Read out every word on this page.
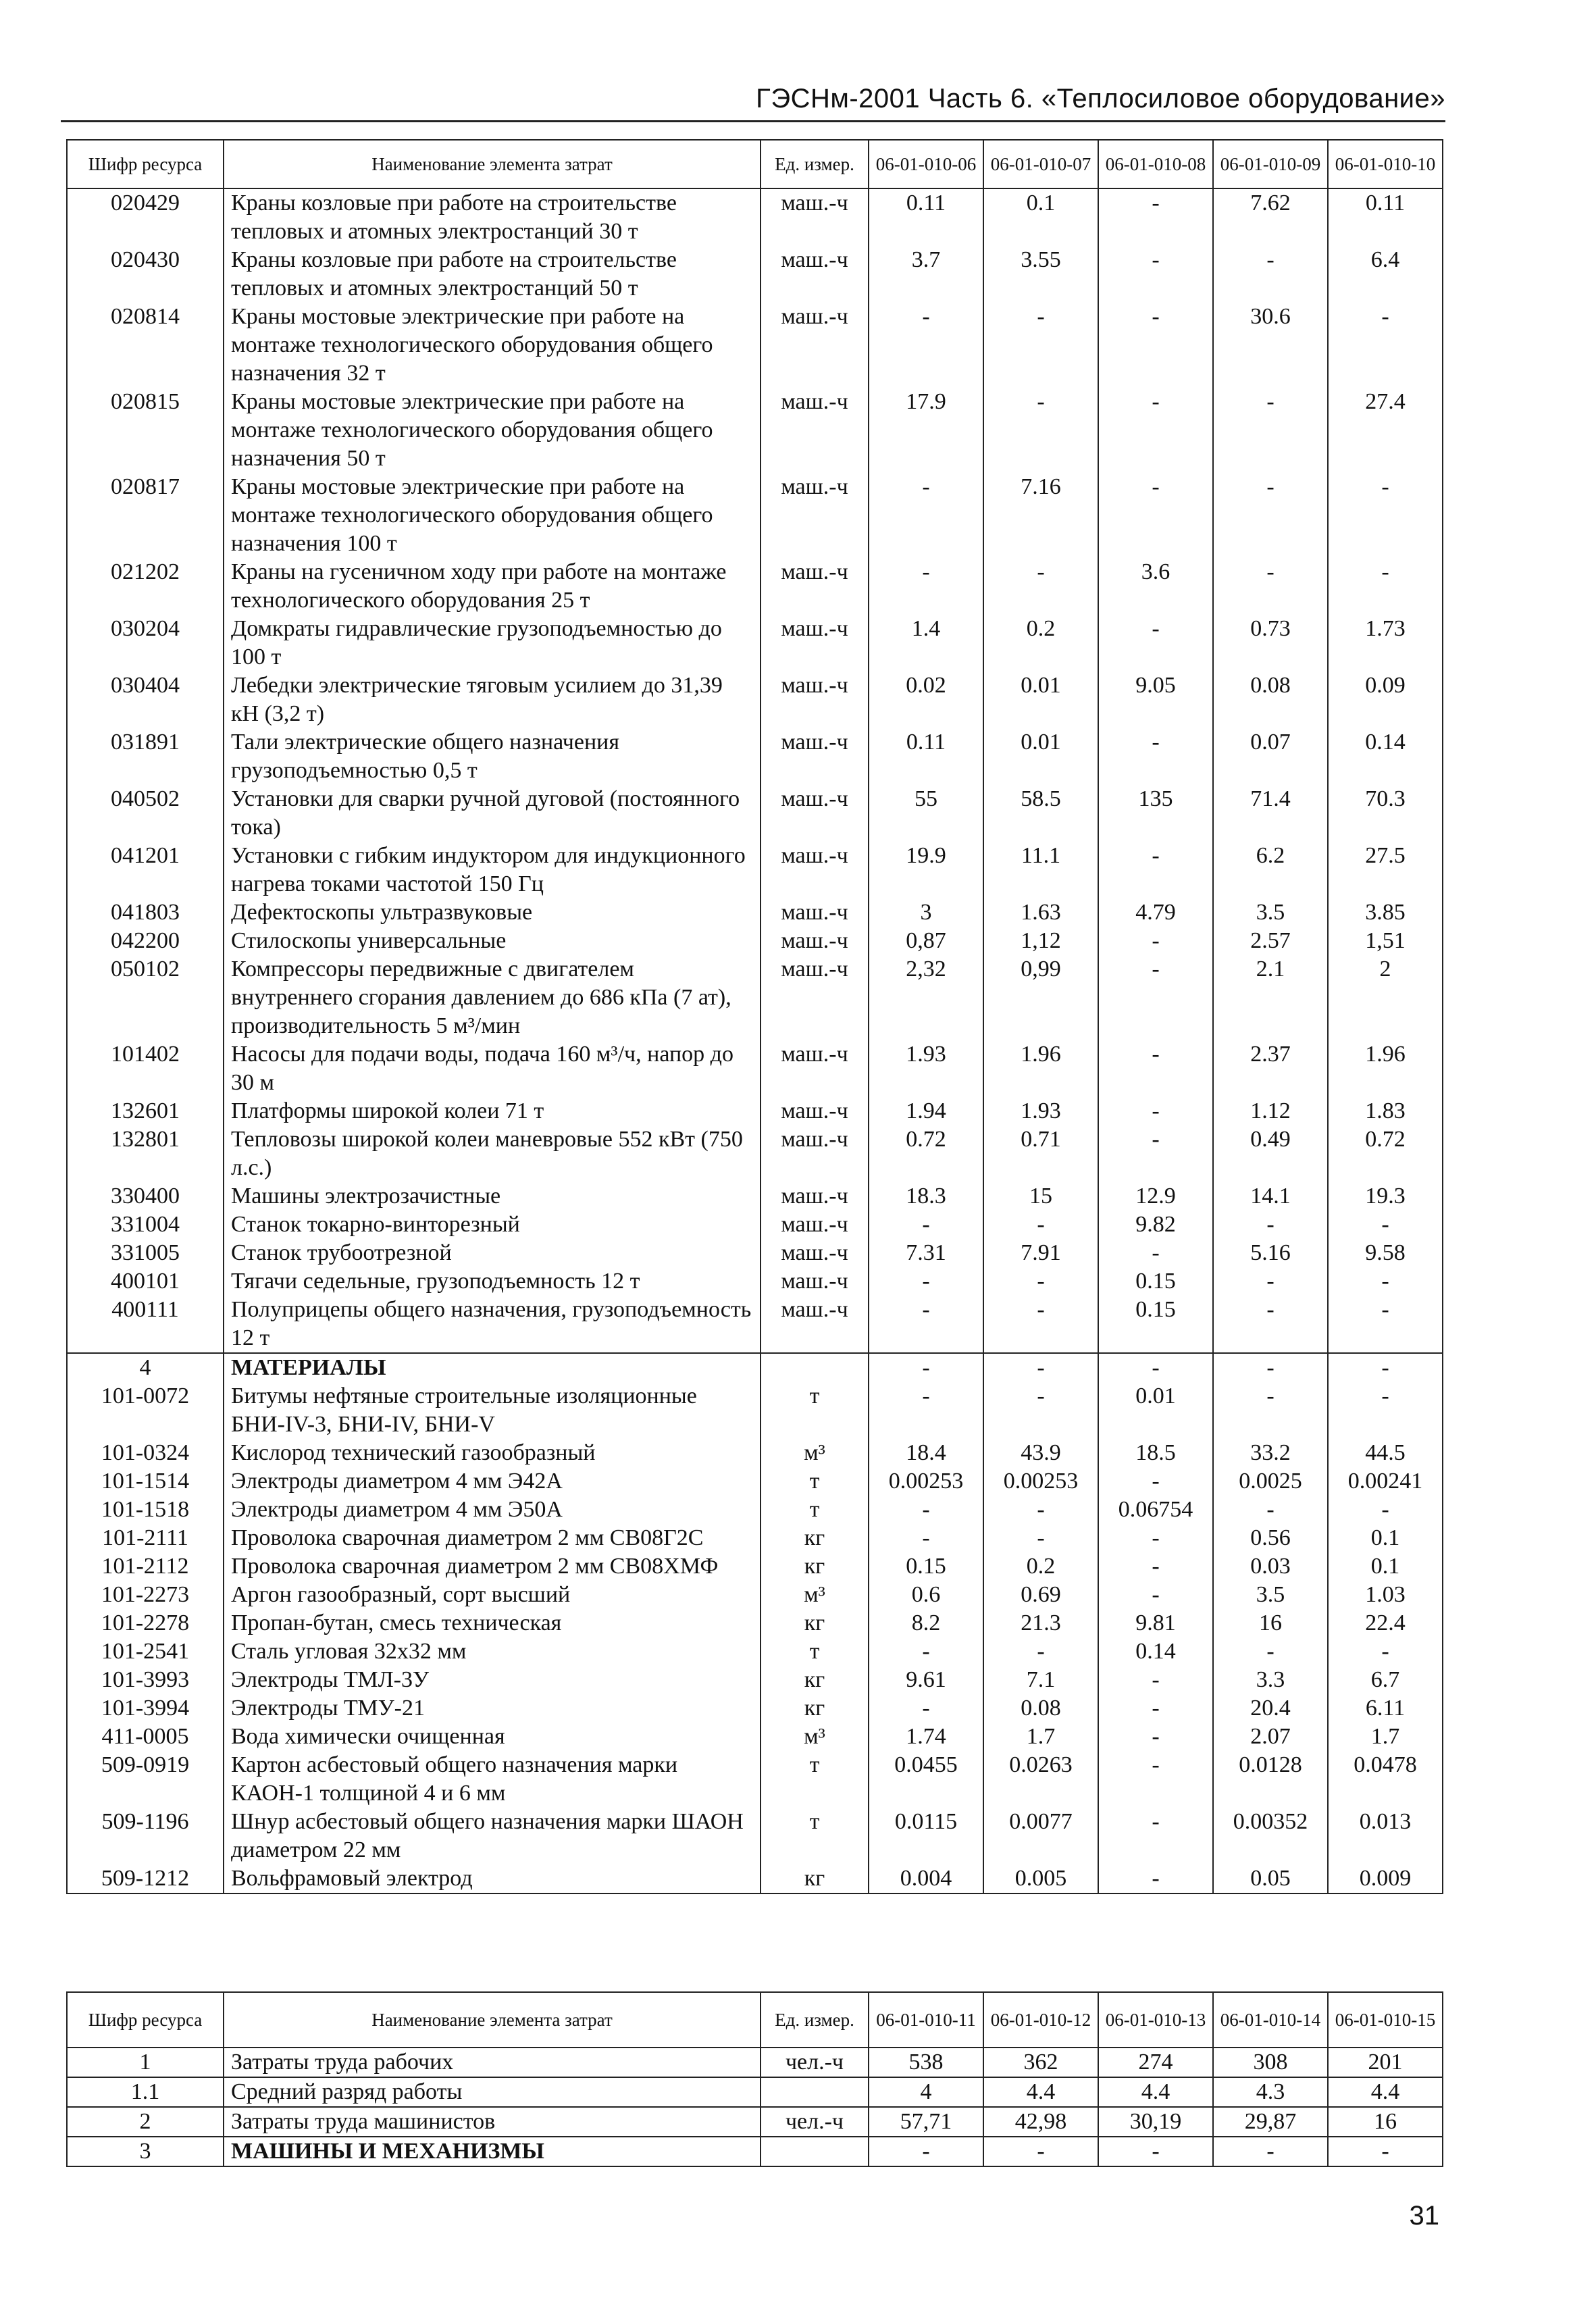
ГЭСНм-2001 Часть 6. «Теплосиловое оборудование»
Шифр ресурса	Наименование элемента затрат	Ед. измер.	06-01-010-06	06-01-010-07	06-01-010-08	06-01-010-09	06-01-010-10
020429	Краны козловые при работе на строительстве тепловых и атомных электростанций 30 т	маш.-ч	0.11	0.1	-	7.62	0.11
020430	Краны козловые при работе на строительстве тепловых и атомных электростанций 50 т	маш.-ч	3.7	3.55	-	-	6.4
020814	Краны мостовые электрические при работе на монтаже технологического оборудования общего назначения 32 т	маш.-ч	-	-	-	30.6	-
020815	Краны мостовые электрические при работе на монтаже технологического оборудования общего назначения 50 т	маш.-ч	17.9	-	-	-	27.4
020817	Краны мостовые электрические при работе на монтаже технологического оборудования общего назначения 100 т	маш.-ч	-	7.16	-	-	-
021202	Краны на гусеничном ходу при работе на монтаже технологического оборудования 25 т	маш.-ч	-	-	3.6	-	-
030204	Домкраты гидравлические грузоподъемностью до 100 т	маш.-ч	1.4	0.2	-	0.73	1.73
030404	Лебедки электрические тяговым усилием до 31,39 кН (3,2 т)	маш.-ч	0.02	0.01	9.05	0.08	0.09
031891	Тали электрические общего назначения грузоподъемностью 0,5 т	маш.-ч	0.11	0.01	-	0.07	0.14
040502	Установки для сварки ручной дуговой (постоянного тока)	маш.-ч	55	58.5	135	71.4	70.3
041201	Установки с гибким индуктором для индукционного нагрева токами частотой 150 Гц	маш.-ч	19.9	11.1	-	6.2	27.5
041803	Дефектоскопы ультразвуковые	маш.-ч	3	1.63	4.79	3.5	3.85
042200	Стилоскопы универсальные	маш.-ч	0,87	1,12	-	2.57	1,51
050102	Компрессоры передвижные с двигателем внутреннего сгорания давлением до 686 кПа (7 ат), производительность 5 м³/мин	маш.-ч	2,32	0,99	-	2.1	2
101402	Насосы для подачи воды, подача 160 м³/ч, напор до 30 м	маш.-ч	1.93	1.96	-	2.37	1.96
132601	Платформы широкой колеи 71 т	маш.-ч	1.94	1.93	-	1.12	1.83
132801	Тепловозы широкой колеи маневровые 552 кВт (750 л.с.)	маш.-ч	0.72	0.71	-	0.49	0.72
330400	Машины электрозачистные	маш.-ч	18.3	15	12.9	14.1	19.3
331004	Станок токарно-винторезный	маш.-ч	-	-	9.82	-	-
331005	Станок трубоотрезной	маш.-ч	7.31	7.91	-	5.16	9.58
400101	Тягачи седельные, грузоподъемность 12 т	маш.-ч	-	-	0.15	-	-
400111	Полуприцепы общего назначения, грузоподъемность 12 т	маш.-ч	-	-	0.15	-	-
4	МАТЕРИАЛЫ		-	-	-	-	-
101-0072	Битумы нефтяные строительные изоляционные БНИ-IV-3, БНИ-IV, БНИ-V	т	-	-	0.01	-	-
101-0324	Кислород технический газообразный	м³	18.4	43.9	18.5	33.2	44.5
101-1514	Электроды диаметром 4 мм Э42А	т	0.00253	0.00253	-	0.0025	0.00241
101-1518	Электроды диаметром 4 мм Э50А	т	-	-	0.06754	-	-
101-2111	Проволока сварочная диаметром 2 мм СВ08Г2С	кг	-	-	-	0.56	0.1
101-2112	Проволока сварочная диаметром 2 мм СВ08ХМФ	кг	0.15	0.2	-	0.03	0.1
101-2273	Аргон газообразный, сорт высший	м³	0.6	0.69	-	3.5	1.03
101-2278	Пропан-бутан, смесь техническая	кг	8.2	21.3	9.81	16	22.4
101-2541	Сталь угловая 32х32 мм	т	-	-	0.14	-	-
101-3993	Электроды ТМЛ-3У	кг	9.61	7.1	-	3.3	6.7
101-3994	Электроды ТМУ-21	кг	-	0.08	-	20.4	6.11
411-0005	Вода химически очищенная	м³	1.74	1.7	-	2.07	1.7
509-0919	Картон асбестовый общего назначения марки КАОН-1 толщиной 4 и 6 мм	т	0.0455	0.0263	-	0.0128	0.0478
509-1196	Шнур асбестовый общего назначения марки ШАОН диаметром 22 мм	т	0.0115	0.0077	-	0.00352	0.013
509-1212	Вольфрамовый электрод	кг	0.004	0.005	-	0.05	0.009
Шифр ресурса	Наименование элемента затрат	Ед. измер.	06-01-010-11	06-01-010-12	06-01-010-13	06-01-010-14	06-01-010-15
1	Затраты труда рабочих	чел.-ч	538	362	274	308	201
1.1	Средний разряд работы		4	4.4	4.4	4.3	4.4
2	Затраты труда машинистов	чел.-ч	57,71	42,98	30,19	29,87	16
3	МАШИНЫ И МЕХАНИЗМЫ		-	-	-	-	-
31
